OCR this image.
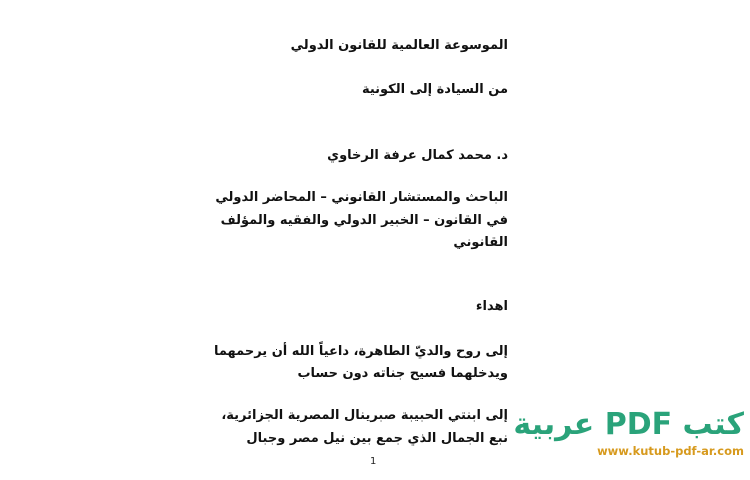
الموسوعة العالمية للقانون الدولي
من السيادة إلى الكونية
د. محمد كمال عرفة الرخاوي
الباحث والمستشار القانوني – المحاضر الدولي
في القانون – الخبير الدولي والفقيه والمؤلف
القانوني
اهداء
إلى روح والديّ الطاهرة، داعياً الله أن يرحمهما
ويدخلهما فسيح جناته دون حساب
إلى ابنتي الحبيبة صبرينال المصرية الجزائرية،
نبع الجمال الذي جمع بين نيل مصر وجبال
1
كتب PDF عربية
www.kutub-pdf-ar.com
